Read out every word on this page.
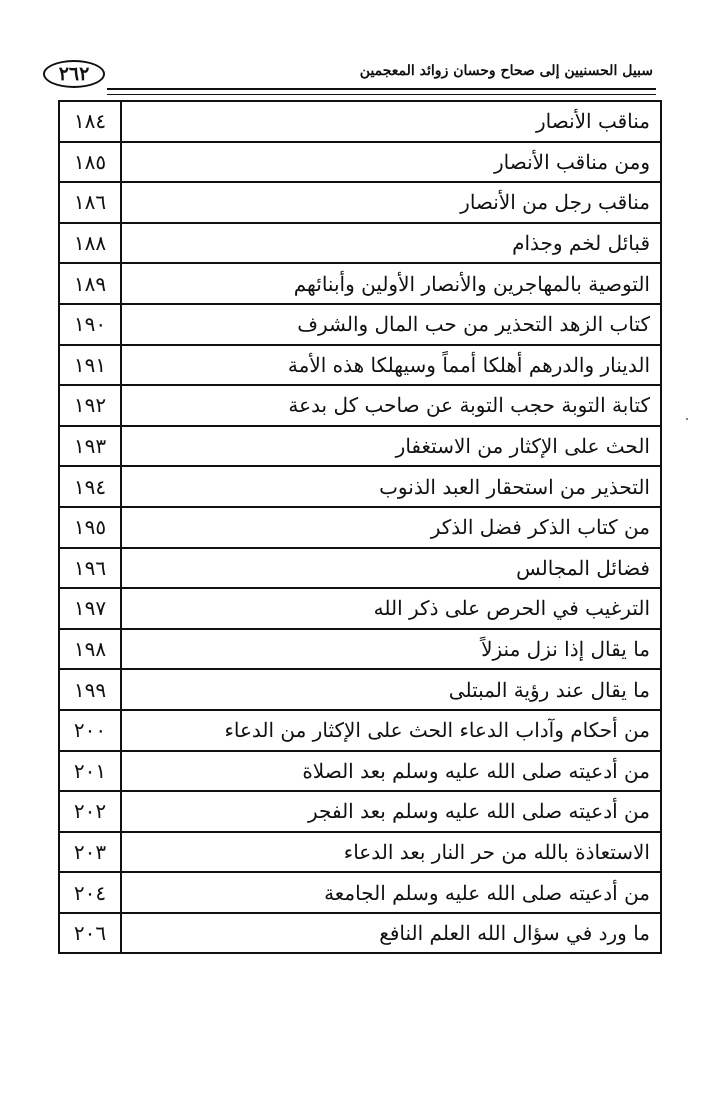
٢٦٢	سبيل الحسنيين إلى صحاح وحسان زوائد المعجمين
مناقب الأنصار	١٨٤
ومن مناقب الأنصار	١٨٥
مناقب رجل من الأنصار	١٨٦
قبائل لخم وجذام	١٨٨
التوصية بالمهاجرين والأنصار الأولين وأبنائهم	١٨٩
كتاب الزهد التحذير من حب المال والشرف	١٩٠
الدينار والدرهم أهلكا أمماً وسيهلكا هذه الأمة	١٩١
كتابة التوبة حجب التوبة عن صاحب كل بدعة	١٩٢
الحث على الإكثار من الاستغفار	١٩٣
التحذير من استحقار العبد الذنوب	١٩٤
من كتاب الذكر فضل الذكر	١٩٥
فضائل المجالس	١٩٦
الترغيب في الحرص على ذكر الله	١٩٧
ما يقال إذا نزل منزلاً	١٩٨
ما يقال عند رؤية المبتلى	١٩٩
من أحكام وآداب الدعاء الحث على الإكثار من الدعاء	٢٠٠
من أدعيته صلى الله عليه وسلم بعد الصلاة	٢٠١
من أدعيته صلى الله عليه وسلم بعد الفجر	٢٠٢
الاستعاذة بالله من حر النار بعد الدعاء	٢٠٣
من أدعيته صلى الله عليه وسلم الجامعة	٢٠٤
ما ورد في سؤال الله العلم النافع	٢٠٦
